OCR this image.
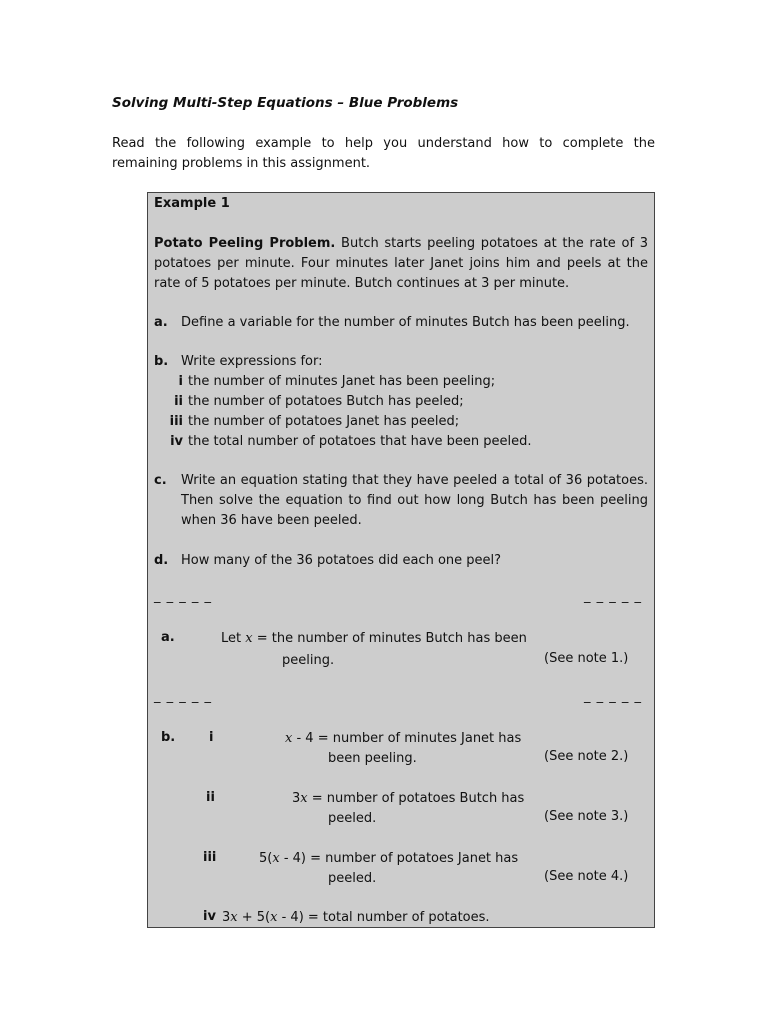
Solving Multi-Step Equations – Blue Problems
Read the following example to help you understand how to complete the remaining problems in this assignment.
Example 1
Potato Peeling Problem. Butch starts peeling potatoes at the rate of 3 potatoes per minute. Four minutes later Janet joins him and peels at the rate of 5 potatoes per minute. Butch continues at 3 per minute.
a. Define a variable for the number of minutes Butch has been peeling.
b. Write expressions for:
i the number of minutes Janet has been peeling;
ii the number of potatoes Butch has peeled;
iii the number of potatoes Janet has peeled;
iv the total number of potatoes that have been peeled.
c. Write an equation stating that they have peeled a total of 36 potatoes. Then solve the equation to find out how long Butch has been peeling when 36 have been peeled.
d. How many of the 36 potatoes did each one peel?
_ _ _ _ _	_ _ _ _ _
a.	Let x = the number of minutes Butch has been
peeling.	(See note 1.)
_ _ _ _ _	_ _ _ _ _
b.	i	x - 4 = number of minutes Janet has
been peeling.	(See note 2.)
ii	3x = number of potatoes Butch has
peeled.	(See note 3.)
iii	5(x - 4) = number of potatoes Janet has
peeled.	(See note 4.)
iv 3x + 5(x - 4) = total number of potatoes.
